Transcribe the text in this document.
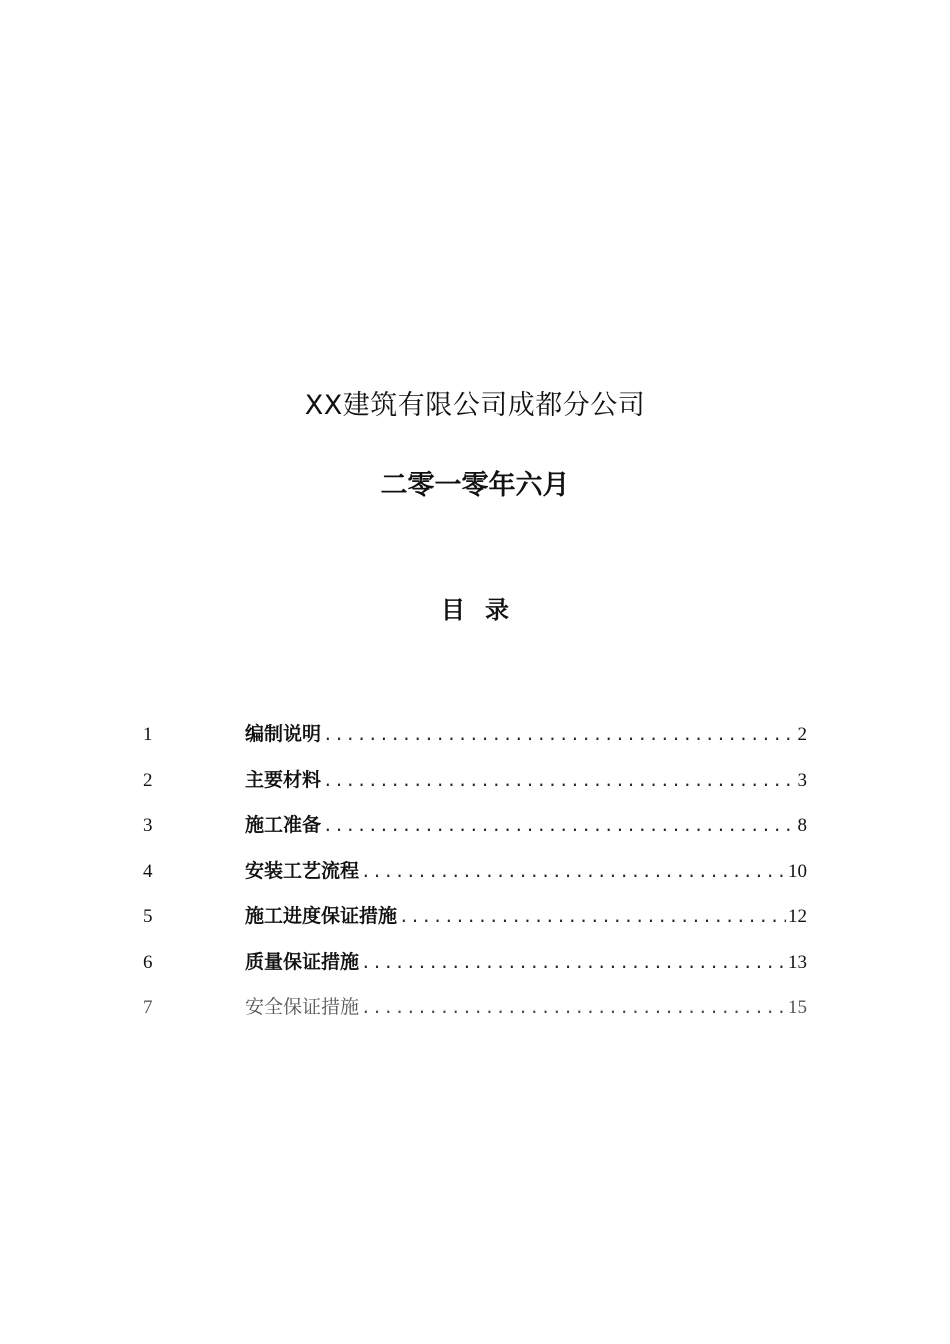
XX建筑有限公司成都分公司
二零一零年六月
目 录
1	编制说明 .....	2
2	主要材料 .....	3
3	施工准备 .....	8
4	安装工艺流程 .....	10
5	施工进度保证措施 .....	12
6	质量保证措施 .....	13
7	安全保证措施 .....	15
